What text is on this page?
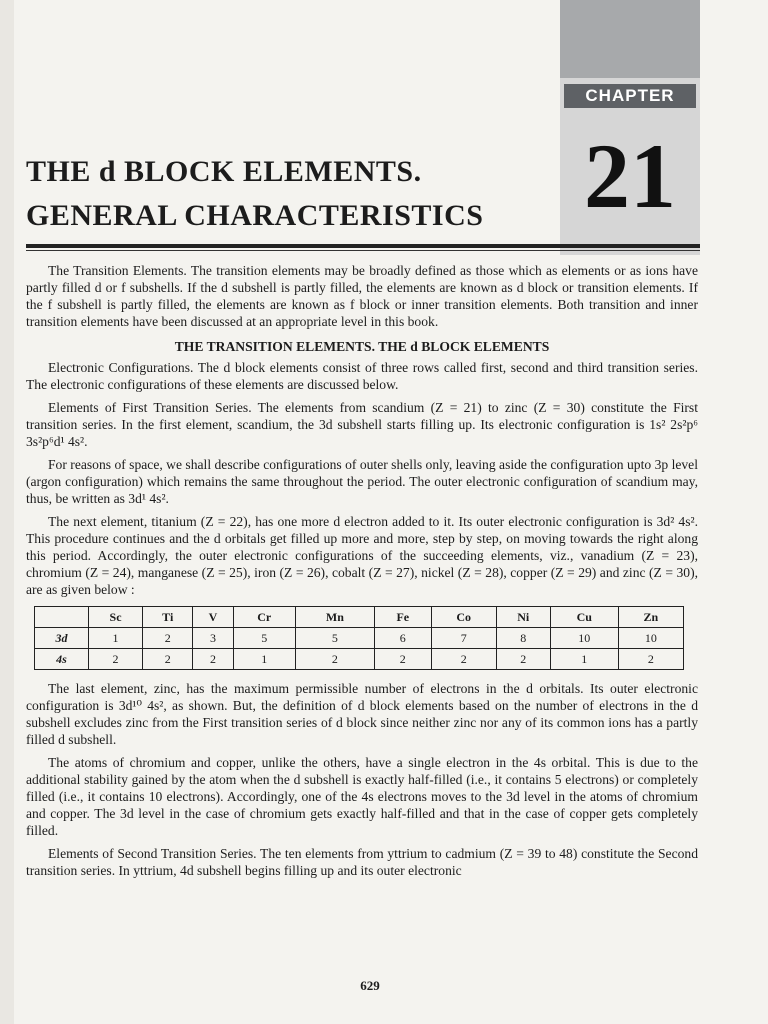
CHAPTER
21
THE d BLOCK ELEMENTS.
GENERAL CHARACTERISTICS

The Transition Elements. The transition elements may be broadly defined as those which as elements or as ions have partly filled d or f subshells. If the d subshell is partly filled, the elements are known as d block or transition elements. If the f subshell is partly filled, the elements are known as f block or inner transition elements. Both transition and inner transition elements have been discussed at an appropriate level in this book.

THE TRANSITION ELEMENTS. THE d BLOCK ELEMENTS

Electronic Configurations. The d block elements consist of three rows called first, second and third transition series. The electronic configurations of these elements are discussed below.

Elements of First Transition Series. The elements from scandium (Z = 21) to zinc (Z = 30) constitute the First transition series. In the first element, scandium, the 3d subshell starts filling up. Its electronic configuration is 1s² 2s²p⁶ 3s²p⁶d¹ 4s².

For reasons of space, we shall describe configurations of outer shells only, leaving aside the configuration upto 3p level (argon configuration) which remains the same throughout the period. The outer electronic configuration of scandium may, thus, be written as 3d¹ 4s².

The next element, titanium (Z = 22), has one more d electron added to it. Its outer electronic configuration is 3d² 4s². This procedure continues and the d orbitals get filled up more and more, step by step, on moving towards the right along this period. Accordingly, the outer electronic configurations of the succeeding elements, viz., vanadium (Z = 23), chromium (Z = 24), manganese (Z = 25), iron (Z = 26), cobalt (Z = 27), nickel (Z = 28), copper (Z = 29) and zinc (Z = 30), are as given below :

	Sc	Ti	V	Cr	Mn	Fe	Co	Ni	Cu	Zn
3d	1	2	3	5	5	6	7	8	10	10
4s	2	2	2	1	2	2	2	2	1	2

The last element, zinc, has the maximum permissible number of electrons in the d orbitals. Its outer electronic configuration is 3d¹⁰ 4s², as shown. But, the definition of d block elements based on the number of electrons in the d subshell excludes zinc from the First transition series of d block since neither zinc nor any of its common ions has a partly filled d subshell.

The atoms of chromium and copper, unlike the others, have a single electron in the 4s orbital. This is due to the additional stability gained by the atom when the d subshell is exactly half-filled (i.e., it contains 5 electrons) or completely filled (i.e., it contains 10 electrons). Accordingly, one of the 4s electrons moves to the 3d level in the atoms of chromium and copper. The 3d level in the case of chromium gets exactly half-filled and that in the case of copper gets completely filled.

Elements of Second Transition Series. The ten elements from yttrium to cadmium (Z = 39 to 48) constitute the Second transition series. In yttrium, 4d subshell begins filling up and its outer electronic

629
